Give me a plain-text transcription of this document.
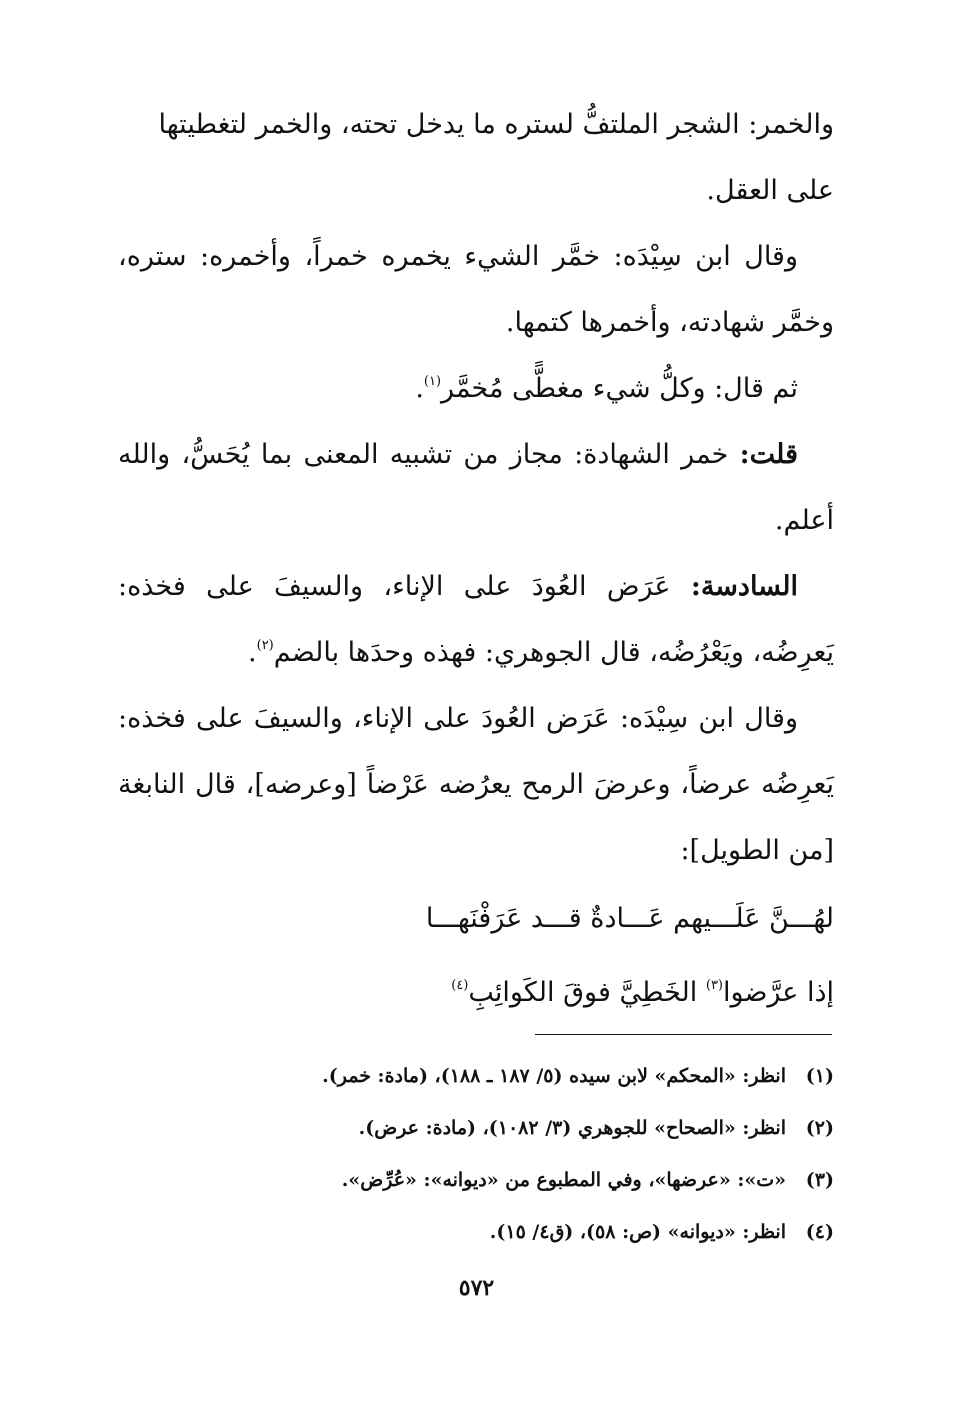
والخمر: الشجر الملتفُّ لستره ما يدخل تحته، والخمر لتغطيتها على العقل.

وقال ابن سِيْدَه: خمَّر الشيء يخمره خمراً، وأخمره: ستره، وخمَّر شهادته، وأخمرها كتمها.

ثم قال: وكلُّ شيء مغطًّى مُخمَّر$^{(١)}$.

قلت: خمر الشهادة: مجاز من تشبيه المعنى بما يُحَسُّ، والله أعلم.

السادسة: عَرَض العُودَ على الإناء، والسيفَ على فخذه: يَعرِضُه، ويَعْرُضُه، قال الجوهري: فهذه وحدَها بالضم$^{(٢)}$.

وقال ابن سِيْدَه: عَرَض العُودَ على الإناء، والسيفَ على فخذه: يَعرِضُه عرضاً، وعرضَ الرمح يعرُضه عَرْضاً [وعرضه]، قال النابغة [من الطويل]:

لهُـــنَّ عَلَـــيهم عَـــادةٌ قـــد عَرَفْنَهـــا

إذا عرَّضوا$^{(٣)}$ الخَطِيَّ فوقَ الكَوائِبِ$^{(٤)}$

(١)
انظر: «المحكم» لابن سيده (٥/ ١٨٧ ـ ١٨٨)، (مادة: خمر).
(٢)
انظر: «الصحاح» للجوهري (٣/ ١٠٨٢)، (مادة: عرض).
(٣)
«ت»: «عرضها»، وفي المطبوع من «ديوانه»: «عُرِّض».
(٤)
انظر: «ديوانه» (ص: ٥٨)، (ق٤/ ١٥).
٥٧٢
